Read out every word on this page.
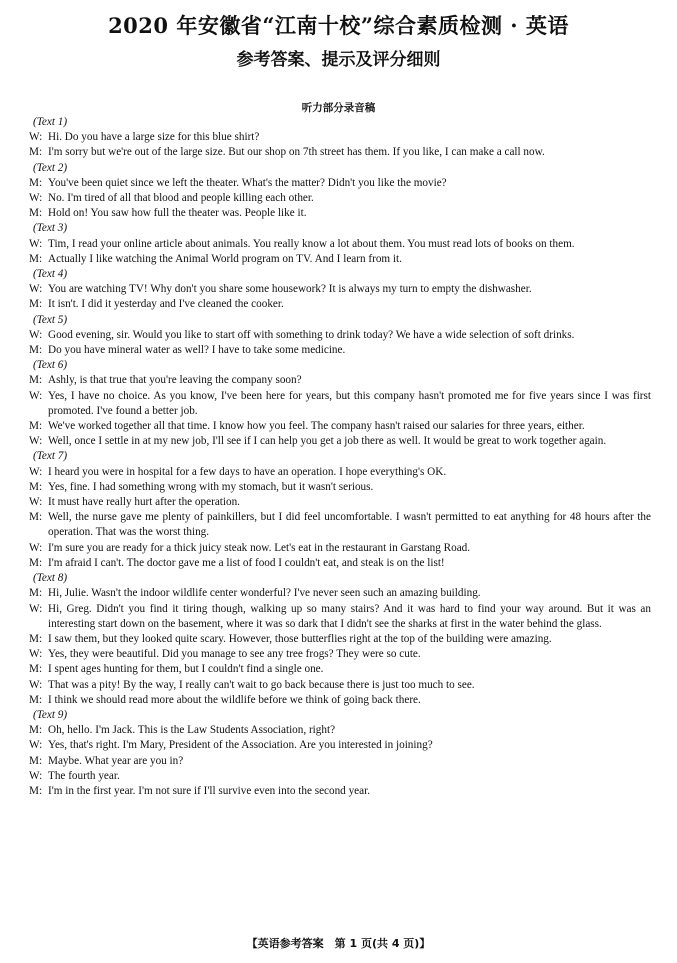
2020 年安徽省“江南十校”综合素质检测 · 英语
参考答案、提示及评分细则
听力部分录音稿

(Text 1)

W: Hi. Do you have a large size for this blue shirt?

M: I'm sorry but we're out of the large size. But our shop on 7th street has them. If you like, I can make a call now.

(Text 2)

M: You've been quiet since we left the theater. What's the matter? Didn't you like the movie?

W: No. I'm tired of all that blood and people killing each other.

M: Hold on! You saw how full the theater was. People like it.

(Text 3)

W: Tim, I read your online article about animals. You really know a lot about them. You must read lots of books on them.

M: Actually I like watching the Animal World program on TV. And I learn from it.

(Text 4)

W: You are watching TV! Why don't you share some housework? It is always my turn to empty the dishwasher.

M: It isn't. I did it yesterday and I've cleaned the cooker.

(Text 5)

W: Good evening, sir. Would you like to start off with something to drink today? We have a wide selection of soft drinks.

M: Do you have mineral water as well? I have to take some medicine.

(Text 6)

M: Ashly, is that true that you're leaving the company soon?

W: Yes, I have no choice. As you know, I've been here for years, but this company hasn't promoted me for five years since I was first promoted. I've found a better job.

M: We've worked together all that time. I know how you feel. The company hasn't raised our salaries for three years, either.

W: Well, once I settle in at my new job, I'll see if I can help you get a job there as well. It would be great to work together again.

(Text 7)

W: I heard you were in hospital for a few days to have an operation. I hope everything's OK.

M: Yes, fine. I had something wrong with my stomach, but it wasn't serious.

W: It must have really hurt after the operation.

M: Well, the nurse gave me plenty of painkillers, but I did feel uncomfortable. I wasn't permitted to eat anything for 48 hours after the operation. That was the worst thing.

W: I'm sure you are ready for a thick juicy steak now. Let's eat in the restaurant in Garstang Road.

M: I'm afraid I can't. The doctor gave me a list of food I couldn't eat, and steak is on the list!

(Text 8)

M: Hi, Julie. Wasn't the indoor wildlife center wonderful? I've never seen such an amazing building.

W: Hi, Greg. Didn't you find it tiring though, walking up so many stairs? And it was hard to find your way around. But it was an interesting start down on the basement, where it was so dark that I didn't see the sharks at first in the water behind the glass.

M: I saw them, but they looked quite scary. However, those butterflies right at the top of the building were amazing.

W: Yes, they were beautiful. Did you manage to see any tree frogs? They were so cute.

M: I spent ages hunting for them, but I couldn't find a single one.

W: That was a pity! By the way, I really can't wait to go back because there is just too much to see.

M: I think we should read more about the wildlife before we think of going back there.

(Text 9)

M: Oh, hello. I'm Jack. This is the Law Students Association, right?

W: Yes, that's right. I'm Mary, President of the Association. Are you interested in joining?

M: Maybe. What year are you in?

W: The fourth year.

M: I'm in the first year. I'm not sure if I'll survive even into the second year.

【英语参考答案　第 1 页(共 4 页)】
